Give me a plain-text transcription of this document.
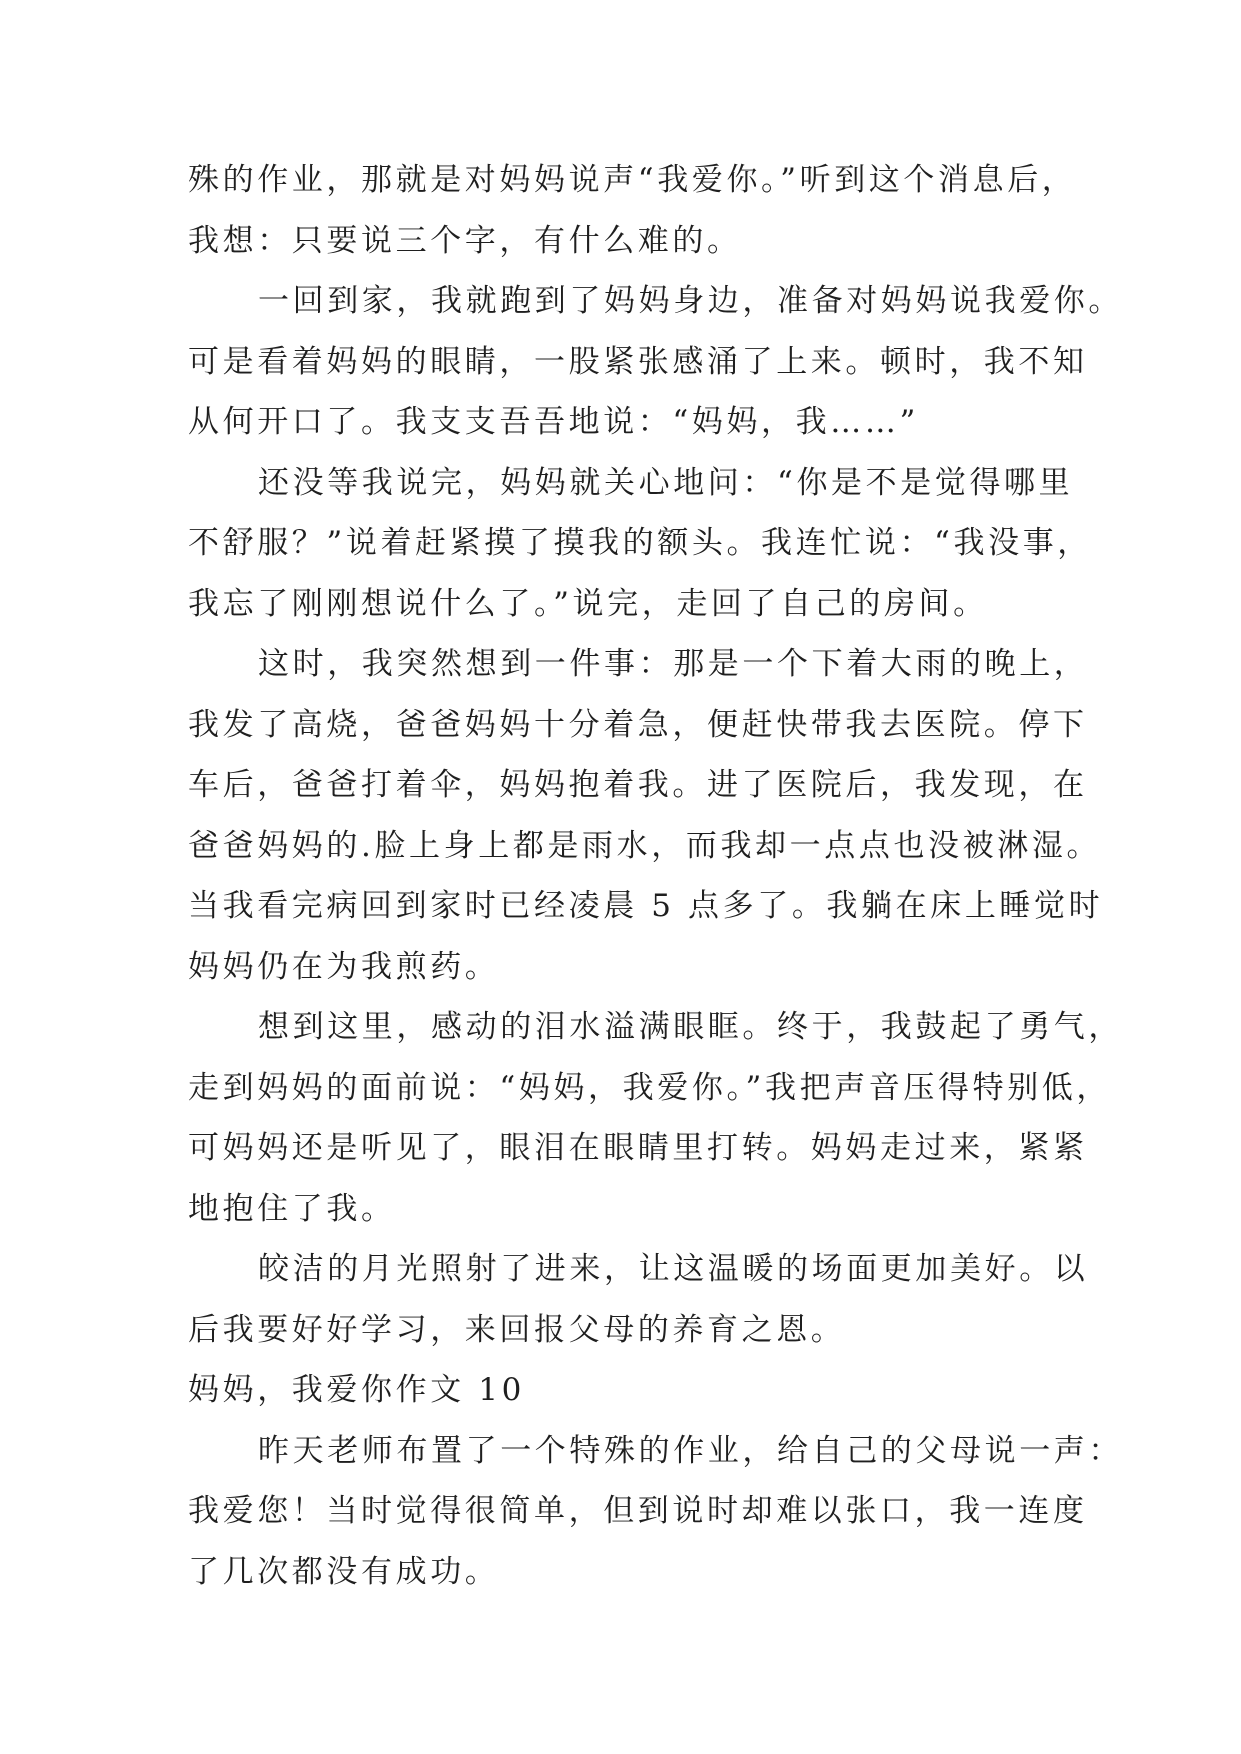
殊的作业，那就是对妈妈说声“我爱你。”听到这个消息后，
我想：只要说三个字，有什么难的。
一回到家，我就跑到了妈妈身边，准备对妈妈说我爱你。
可是看着妈妈的眼睛，一股紧张感涌了上来。顿时，我不知
从何开口了。我支支吾吾地说：“妈妈，我……”
还没等我说完，妈妈就关心地问：“你是不是觉得哪里
不舒服？”说着赶紧摸了摸我的额头。我连忙说：“我没事，
我忘了刚刚想说什么了。”说完，走回了自己的房间。
这时，我突然想到一件事：那是一个下着大雨的晚上，
我发了高烧，爸爸妈妈十分着急，便赶快带我去医院。停下
车后，爸爸打着伞，妈妈抱着我。进了医院后，我发现，在
爸爸妈妈的.脸上身上都是雨水，而我却一点点也没被淋湿。
当我看完病回到家时已经凌晨 5 点多了。我躺在床上睡觉时
妈妈仍在为我煎药。
想到这里，感动的泪水溢满眼眶。终于，我鼓起了勇气，
走到妈妈的面前说：“妈妈，我爱你。”我把声音压得特别低，
可妈妈还是听见了，眼泪在眼睛里打转。妈妈走过来，紧紧
地抱住了我。
皎洁的月光照射了进来，让这温暖的场面更加美好。以
后我要好好学习，来回报父母的养育之恩。
妈妈，我爱你作文 10
昨天老师布置了一个特殊的作业，给自己的父母说一声：
我爱您！当时觉得很简单，但到说时却难以张口，我一连度
了几次都没有成功。
